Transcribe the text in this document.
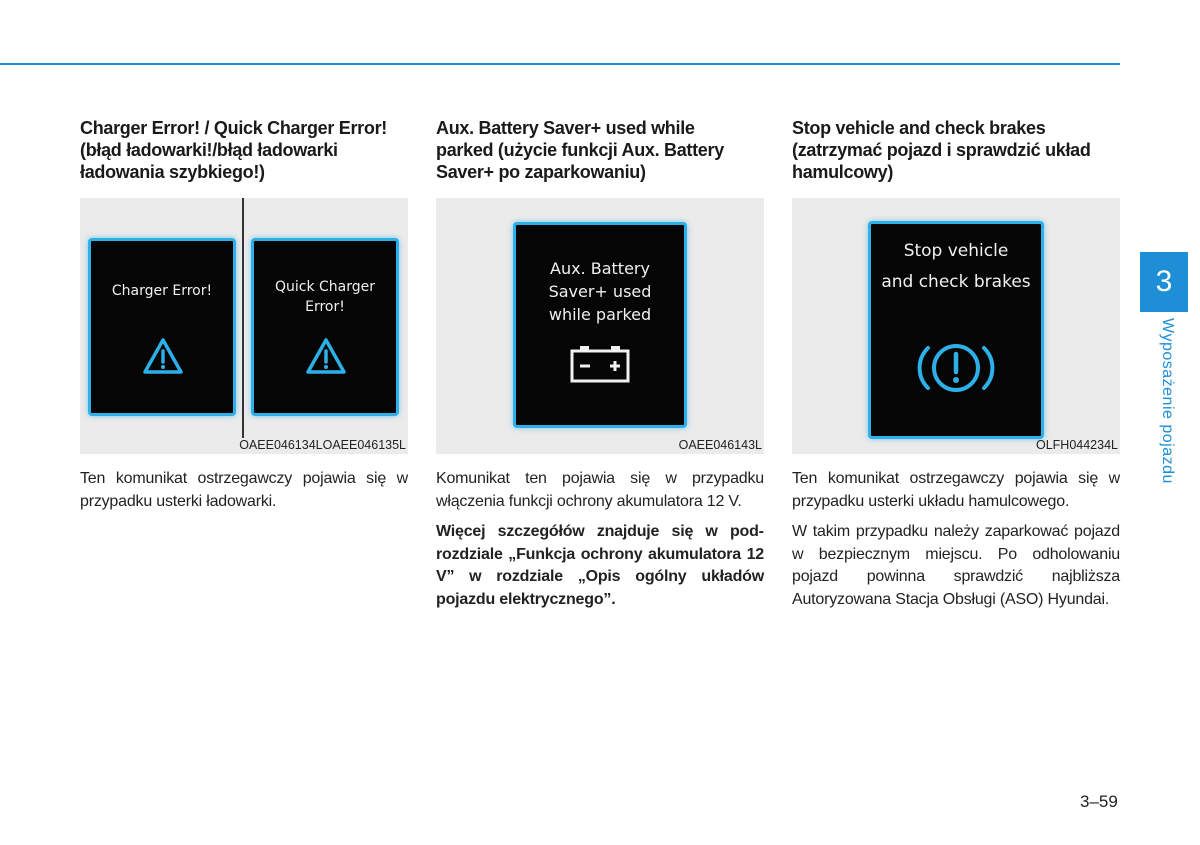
Charger Error! / Quick Charger Error!
(błąd ładowarki!/błąd ładowarki
ładowania szybkiego!)
Charger Error!	Quick Charger
Error!
OAEE046134LOAEE046135L

Ten komunikat ostrzegawczy pojawia się w przypadku usterki ładowarki.

Aux. Battery Saver+ used while
parked (użycie funkcji Aux. Battery
Saver+ po zaparkowaniu)
Aux. Battery
Saver+ used
while parked
OAEE046143L

Komunikat ten pojawia się w przypadku włączenia funkcji ochrony akumulatora 12 V.

Więcej szczegółów znajduje się w podrozdziale „Funkcja ochrony akumulatora 12 V” w rozdziale „Opis ogólny układów pojazdu elektrycznego”.

Stop vehicle and check brakes
(zatrzymać pojazd i sprawdzić układ
hamulcowy)
Stop vehicle
and check brakes
OLFH044234L

Ten komunikat ostrzegawczy pojawia się w przypadku usterki układu hamulcowego.

W takim przypadku należy zaparkować pojazd w bezpiecznym miejscu. Po odholowaniu pojazd powinna sprawdzić najbliższa Autoryzowana Stacja Obsługi (ASO) Hyundai.

3
Wyposażenie pojazdu
3–59
